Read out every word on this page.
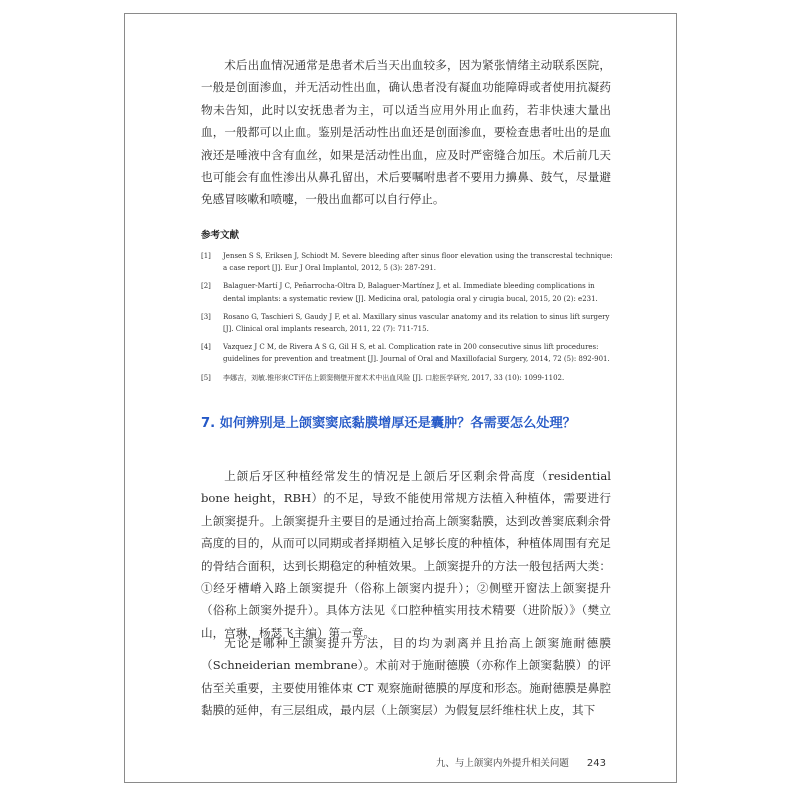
术后出血情况通常是患者术后当天出血较多，因为紧张情绪主动联系医院，一般是创面渗血，并无活动性出血，确认患者没有凝血功能障碍或者使用抗凝药物未告知，此时以安抚患者为主，可以适当应用外用止血药，若非快速大量出血，一般都可以止血。鉴别是活动性出血还是创面渗血，要检查患者吐出的是血液还是唾液中含有血丝，如果是活动性出血，应及时严密缝合加压。术后前几天也可能会有血性渗出从鼻孔留出，术后要嘱咐患者不要用力擤鼻、鼓气，尽量避免感冒咳嗽和喷嚏，一般出血都可以自行停止。

参考文献
[1] Jensen S S, Eriksen J, Schiodt M. Severe bleeding after sinus floor elevation using the transcrestal technique: a case report [J]. Eur J Oral Implantol, 2012, 5 (3): 287-291.
[2] Balaguer-Martí J C, Peñarrocha-Oltra D, Balaguer-Martínez J, et al. Immediate bleeding complications in dental implants: a systematic review [J]. Medicina oral, patologia oral y cirugia bucal, 2015, 20 (2): e231.
[3] Rosano G, Taschieri S, Gaudy J F, et al. Maxillary sinus vascular anatomy and its relation to sinus lift surgery [J]. Clinical oral implants research, 2011, 22 (7): 711-715.
[4] Vazquez J C M, de Rivera A S G, Gil H S, et al. Complication rate in 200 consecutive sinus lift procedures: guidelines for prevention and treatment [J]. Journal of Oral and Maxillofacial Surgery, 2014, 72 (5): 892-901.
[5] 李娜吉，刘敏.锥形束CT评估上颌窦侧壁开窗术术中出血风险 [J]. 口腔医学研究, 2017, 33 (10): 1099-1102.
7. 如何辨别是上颌窦窦底黏膜增厚还是囊肿？各需要怎么处理？

上颌后牙区种植经常发生的情况是上颌后牙区剩余骨高度（residential bone height，RBH）的不足，导致不能使用常规方法植入种植体，需要进行上颌窦提升。上颌窦提升主要目的是通过抬高上颌窦黏膜，达到改善窦底剩余骨高度的目的，从而可以同期或者择期植入足够长度的种植体，种植体周围有充足的骨结合面积，达到长期稳定的种植效果。上颌窦提升的方法一般包括两大类：①经牙槽嵴入路上颌窦提升（俗称上颌窦内提升）；②侧壁开窗法上颌窦提升（俗称上颌窦外提升）。具体方法见《口腔种植实用技术精要（进阶版）》（樊立山，宫琳，杨瑟飞主编）第一章。

无论是哪种上颌窦提升方法，目的均为剥离并且抬高上颌窦施耐德膜（Schneiderian membrane）。术前对于施耐德膜（亦称作上颌窦黏膜）的评估至关重要，主要使用锥体束 CT 观察施耐德膜的厚度和形态。施耐德膜是鼻腔黏膜的延伸，有三层组成，最内层（上颌窦层）为假复层纤维柱状上皮，其下

九、与上颌窦内外提升相关问题 243
